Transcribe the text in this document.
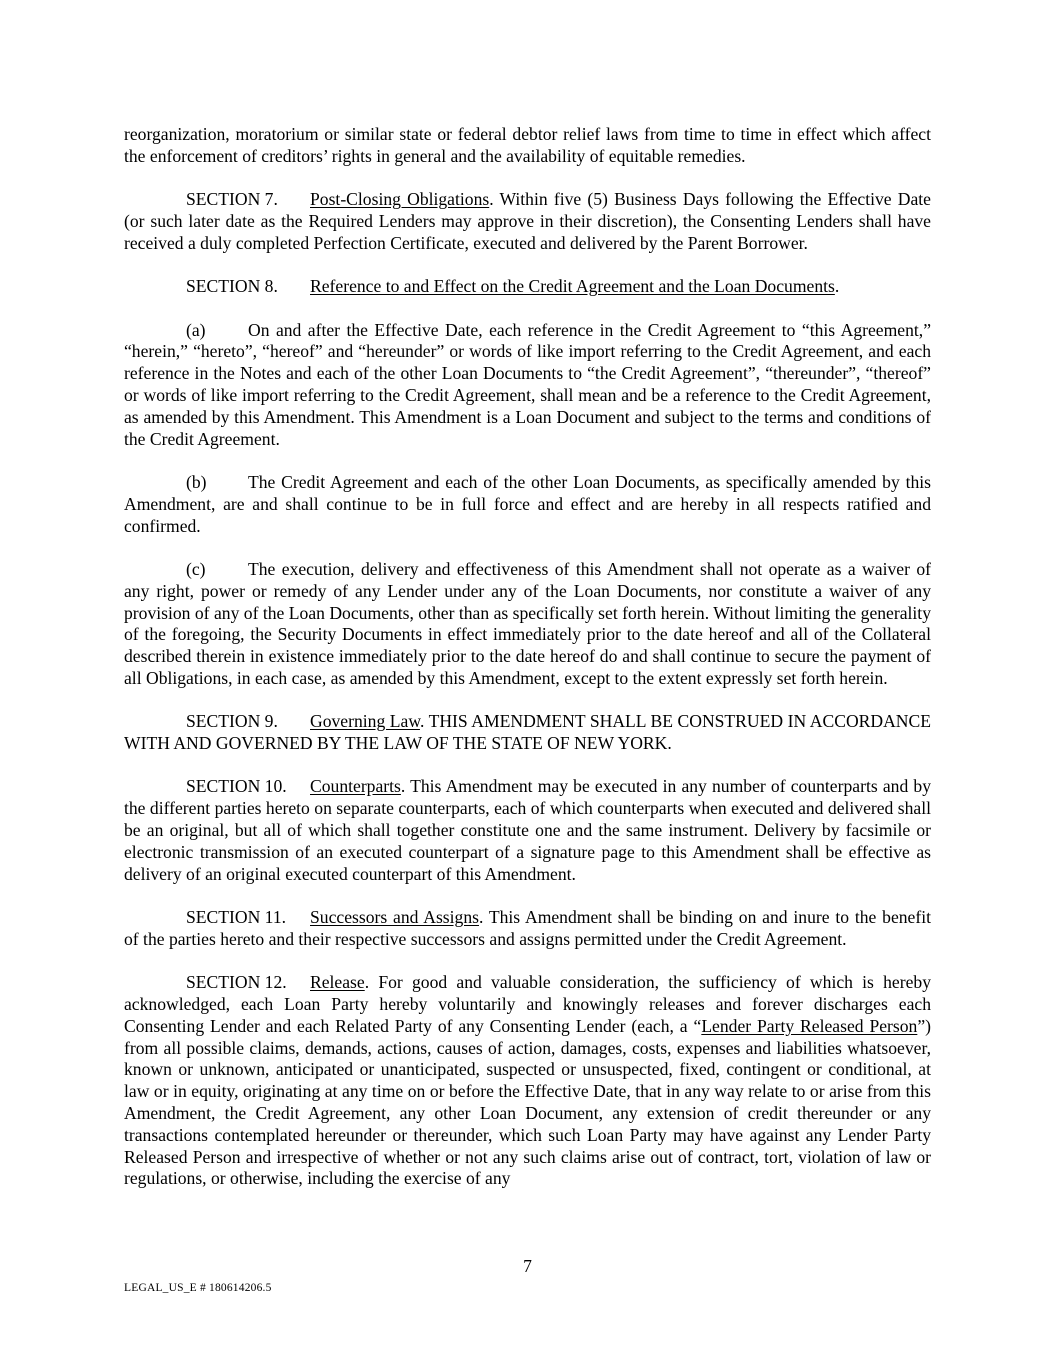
reorganization, moratorium or similar state or federal debtor relief laws from time to time in effect which affect the enforcement of creditors’ rights in general and the availability of equitable remedies.

SECTION 7. Post-Closing Obligations. Within five (5) Business Days following the Effective Date (or such later date as the Required Lenders may approve in their discretion), the Consenting Lenders shall have received a duly completed Perfection Certificate, executed and delivered by the Parent Borrower.

SECTION 8. Reference to and Effect on the Credit Agreement and the Loan Documents.

(a) On and after the Effective Date, each reference in the Credit Agreement to “this Agreement,” “herein,” “hereto”, “hereof” and “hereunder” or words of like import referring to the Credit Agreement, and each reference in the Notes and each of the other Loan Documents to “the Credit Agreement”, “thereunder”, “thereof” or words of like import referring to the Credit Agreement, shall mean and be a reference to the Credit Agreement, as amended by this Amendment. This Amendment is a Loan Document and subject to the terms and conditions of the Credit Agreement.

(b) The Credit Agreement and each of the other Loan Documents, as specifically amended by this Amendment, are and shall continue to be in full force and effect and are hereby in all respects ratified and confirmed.

(c) The execution, delivery and effectiveness of this Amendment shall not operate as a waiver of any right, power or remedy of any Lender under any of the Loan Documents, nor constitute a waiver of any provision of any of the Loan Documents, other than as specifically set forth herein. Without limiting the generality of the foregoing, the Security Documents in effect immediately prior to the date hereof and all of the Collateral described therein in existence immediately prior to the date hereof do and shall continue to secure the payment of all Obligations, in each case, as amended by this Amendment, except to the extent expressly set forth herein.

SECTION 9. Governing Law. THIS AMENDMENT SHALL BE CONSTRUED IN ACCORDANCE WITH AND GOVERNED BY THE LAW OF THE STATE OF NEW YORK.

SECTION 10. Counterparts. This Amendment may be executed in any number of counterparts and by the different parties hereto on separate counterparts, each of which counterparts when executed and delivered shall be an original, but all of which shall together constitute one and the same instrument. Delivery by facsimile or electronic transmission of an executed counterpart of a signature page to this Amendment shall be effective as delivery of an original executed counterpart of this Amendment.

SECTION 11. Successors and Assigns. This Amendment shall be binding on and inure to the benefit of the parties hereto and their respective successors and assigns permitted under the Credit Agreement.

SECTION 12. Release. For good and valuable consideration, the sufficiency of which is hereby acknowledged, each Loan Party hereby voluntarily and knowingly releases and forever discharges each Consenting Lender and each Related Party of any Consenting Lender (each, a “Lender Party Released Person”) from all possible claims, demands, actions, causes of action, damages, costs, expenses and liabilities whatsoever, known or unknown, anticipated or unanticipated, suspected or unsuspected, fixed, contingent or conditional, at law or in equity, originating at any time on or before the Effective Date, that in any way relate to or arise from this Amendment, the Credit Agreement, any other Loan Document, any extension of credit thereunder or any transactions contemplated hereunder or thereunder, which such Loan Party may have against any Lender Party Released Person and irrespective of whether or not any such claims arise out of contract, tort, violation of law or regulations, or otherwise, including the exercise of any

7
LEGAL_US_E # 180614206.5
